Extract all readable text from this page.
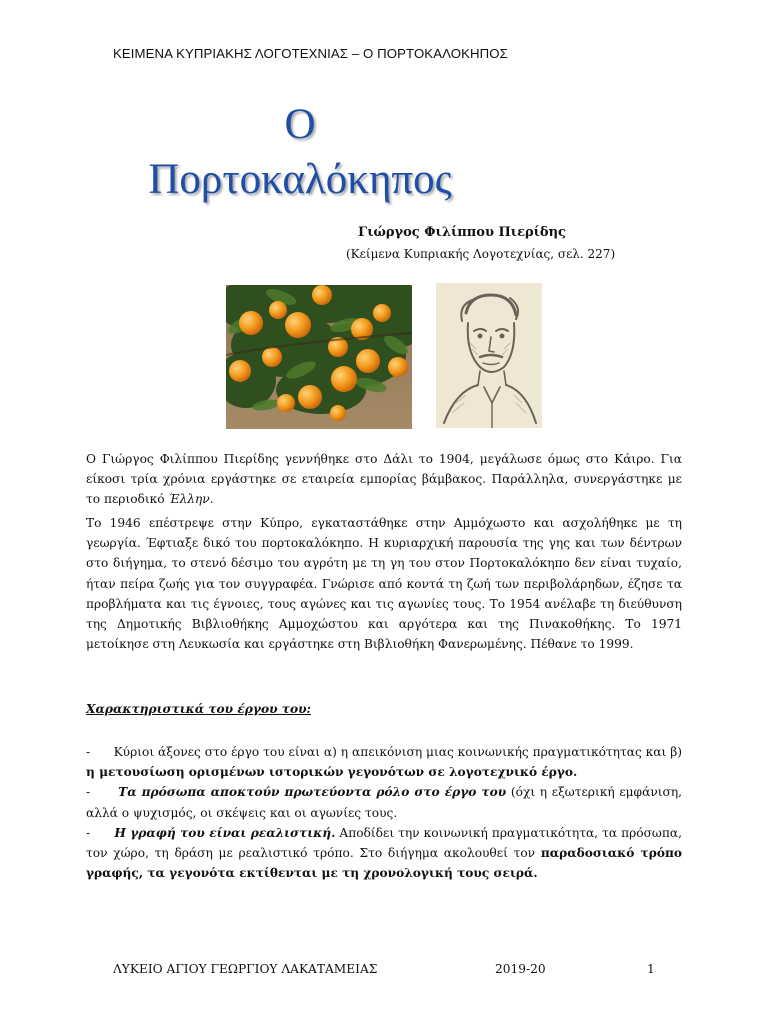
ΚΕΙΜΕΝΑ ΚΥΠΡΙΑΚΗΣ ΛΟΓΟΤΕΧΝΙΑΣ – Ο ΠΟΡΤΟΚΑΛΟΚΗΠΟΣ
Ο
Πορτοκαλόκηπος
Γιώργος Φιλίππου Πιερίδης
(Κείμενα Κυπριακής Λογοτεχνίας, σελ. 227)

Ο Γιώργος Φιλίππου Πιερίδης γεννήθηκε στο Δάλι το 1904, μεγάλωσε όμως στο Κάιρο. Για είκοσι τρία χρόνια εργάστηκε σε εταιρεία εμπορίας βάμβακος. Παράλληλα, συνεργάστηκε με το περιοδικό Έλλην.

Το 1946 επέστρεψε στην Κύπρο, εγκαταστάθηκε στην Αμμόχωστο και ασχολήθηκε με τη γεωργία. Έφτιαξε δικό του πορτοκαλόκηπο. Η κυριαρχική παρουσία της γης και των δέντρων στο διήγημα, το στενό δέσιμο του αγρότη με τη γη του στον Πορτοκαλόκηπο δεν είναι τυχαίο, ήταν πείρα ζωής για τον συγγραφέα. Γνώρισε από κοντά τη ζωή των περιβολάρηδων, έζησε τα προβλήματα και τις έγνοιες, τους αγώνες και τις αγωνίες τους. Το 1954 ανέλαβε τη διεύθυνση της Δημοτικής Βιβλιοθήκης Αμμοχώστου και αργότερα και της Πινακοθήκης. Το 1971 μετοίκησε στη Λευκωσία και εργάστηκε στη Βιβλιοθήκη Φανερωμένης. Πέθανε το 1999.

Χαρακτηριστικά του έργου του:

- Κύριοι άξονες στο έργο του είναι α) η απεικόνιση μιας κοινωνικής πραγματικότητας και β) η μετουσίωση ορισμένων ιστορικών γεγονότων σε λογοτεχνικό έργο.

- Τα πρόσωπα αποκτούν πρωτεύοντα ρόλο στο έργο του (όχι η εξωτερική εμφάνιση, αλλά ο ψυχισμός, οι σκέψεις και οι αγωνίες τους.

- Η γραφή του είναι ρεαλιστική. Αποδίδει την κοινωνική πραγματικότητα, τα πρόσωπα, τον χώρο, τη δράση με ρεαλιστικό τρόπο. Στο διήγημα ακολουθεί τον παραδοσιακό τρόπο γραφής, τα γεγονότα εκτίθενται με τη χρονολογική τους σειρά.

ΛΥΚΕΙΟ ΑΓΙΟΥ ΓΕΩΡΓΙΟΥ ΛΑΚΑΤΑΜΕΙΑΣ	2019-20	1
